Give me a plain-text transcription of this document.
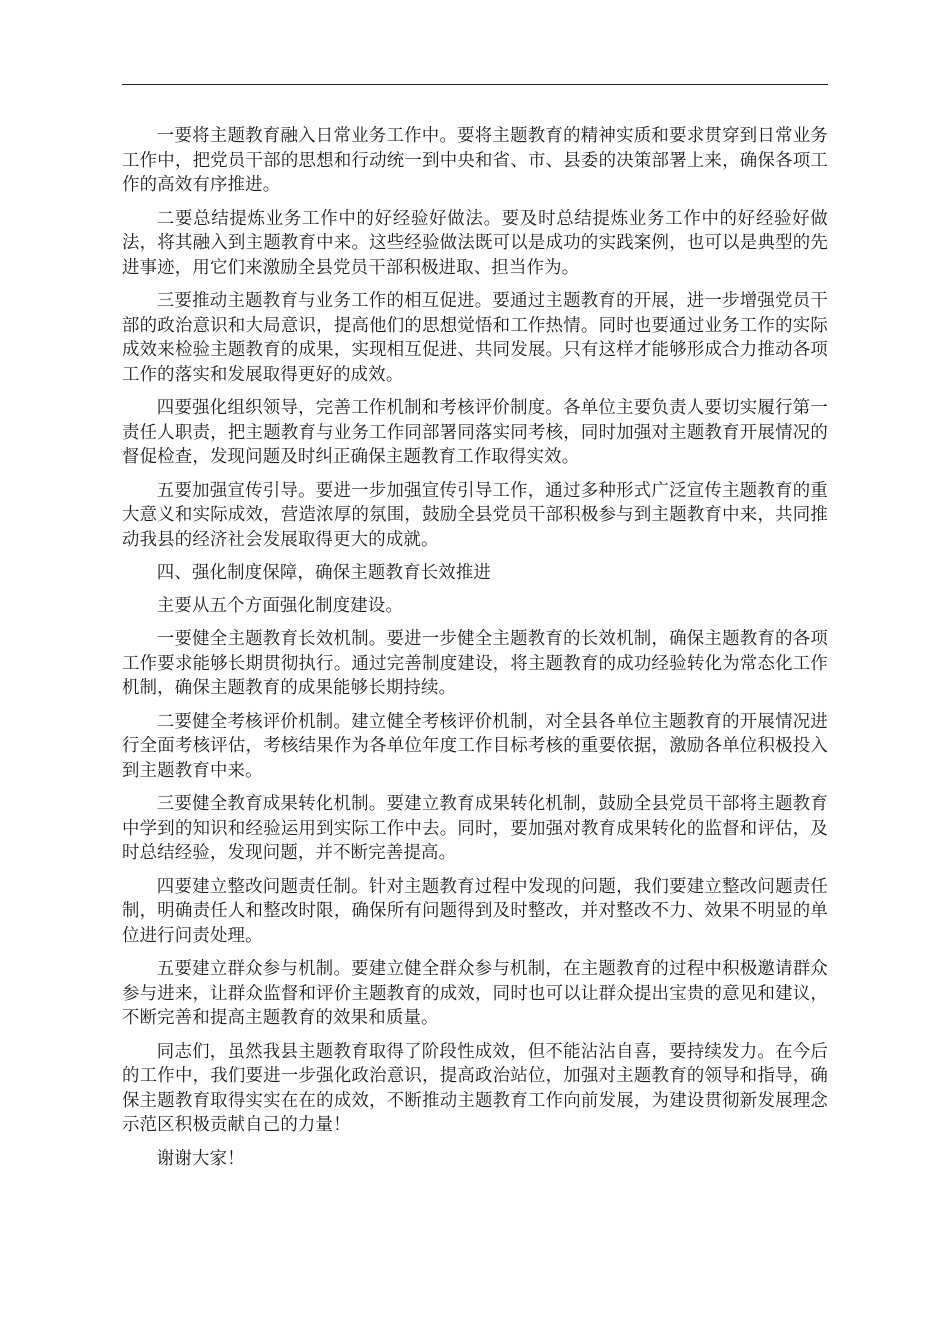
一要将主题教育融入日常业务工作中。要将主题教育的精神实质和要求贯穿到日常业务工作中，把党员干部的思想和行动统一到中央和省、市、县委的决策部署上来，确保各项工作的高效有序推进。

二要总结提炼业务工作中的好经验好做法。要及时总结提炼业务工作中的好经验好做法，将其融入到主题教育中来。这些经验做法既可以是成功的实践案例，也可以是典型的先进事迹，用它们来激励全县党员干部积极进取、担当作为。

三要推动主题教育与业务工作的相互促进。要通过主题教育的开展，进一步增强党员干部的政治意识和大局意识，提高他们的思想觉悟和工作热情。同时也要通过业务工作的实际成效来检验主题教育的成果，实现相互促进、共同发展。只有这样才能够形成合力推动各项工作的落实和发展取得更好的成效。

四要强化组织领导，完善工作机制和考核评价制度。各单位主要负责人要切实履行第一责任人职责，把主题教育与业务工作同部署同落实同考核，同时加强对主题教育开展情况的督促检查，发现问题及时纠正确保主题教育工作取得实效。

五要加强宣传引导。要进一步加强宣传引导工作，通过多种形式广泛宣传主题教育的重大意义和实际成效，营造浓厚的氛围，鼓励全县党员干部积极参与到主题教育中来，共同推动我县的经济社会发展取得更大的成就。

四、强化制度保障，确保主题教育长效推进

主要从五个方面强化制度建设。

一要健全主题教育长效机制。要进一步健全主题教育的长效机制，确保主题教育的各项工作要求能够长期贯彻执行。通过完善制度建设，将主题教育的成功经验转化为常态化工作机制，确保主题教育的成果能够长期持续。

二要健全考核评价机制。建立健全考核评价机制，对全县各单位主题教育的开展情况进行全面考核评估，考核结果作为各单位年度工作目标考核的重要依据，激励各单位积极投入到主题教育中来。

三要健全教育成果转化机制。要建立教育成果转化机制，鼓励全县党员干部将主题教育中学到的知识和经验运用到实际工作中去。同时，要加强对教育成果转化的监督和评估，及时总结经验，发现问题，并不断完善提高。

四要建立整改问题责任制。针对主题教育过程中发现的问题，我们要建立整改问题责任制，明确责任人和整改时限，确保所有问题得到及时整改，并对整改不力、效果不明显的单位进行问责处理。

五要建立群众参与机制。要建立健全群众参与机制，在主题教育的过程中积极邀请群众参与进来，让群众监督和评价主题教育的成效，同时也可以让群众提出宝贵的意见和建议，不断完善和提高主题教育的效果和质量。

同志们，虽然我县主题教育取得了阶段性成效，但不能沾沾自喜，要持续发力。在今后的工作中，我们要进一步强化政治意识，提高政治站位，加强对主题教育的领导和指导，确保主题教育取得实实在在的成效，不断推动主题教育工作向前发展，为建设贯彻新发展理念示范区积极贡献自己的力量！

谢谢大家！
